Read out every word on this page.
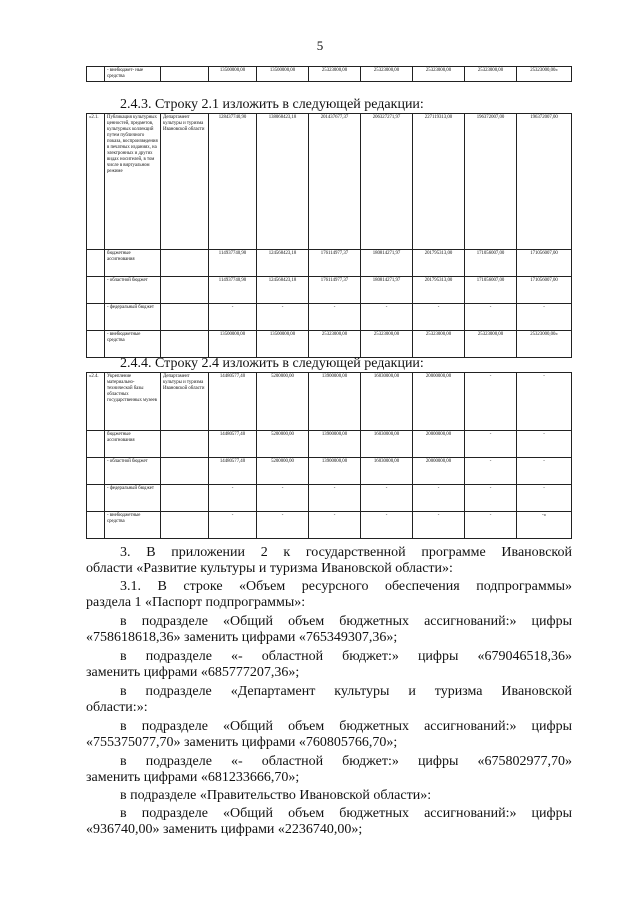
5
	- внебюджет- ные средства		13500000,00	13500000,00	25323000,00	25323000,00	25323000,00	25323000,00	25323000,00»
2.4.3. Строку 2.1 изложить в следующей редакции:
«2.1.	Публикация культурных ценностей, предметов, культурных коллекций путем публичного показа, воспроизведения в печатных изданиях, на электронных и других видах носителей, в том числе в виртуальном режиме	Департамент культуры и туризма Ивановской области	128437740,90	138068423,18	201437677,37	206327271,97	227119313,00	196372007,00	196372007,00
	бюджетные ассигнования		114937740,90	124568423,18	176114977,37	180814271,97	201795313,00	171056007,00	171056007,00
	- областной бюджет		114937740,90	124568423,18	176114977,37	180814271,97	201795313,00	171056007,00	171056007,00
	- федеральный бюджет		-	-	-	-	-	-	-
	- внебюджетные средства		13500000,00	13500000,00	25323000,00	25323000,00	25323000,00	25323000,00	25323000,00»
2.4.4. Строку 2.4 изложить в следующей редакции:
«2.4.	Укрепление материально-технической базы областных государственных музеев	Департамент культуры и туризма Ивановской области	14480577,40	5200000,00	13900000,00	16030000,00	20000000,00	-	-
	бюджетные ассигнования		14480577,40	5200000,00	13900000,00	16030000,00	20000000,00	-	-
	- областной бюджет		14480577,40	5200000,00	13900000,00	16030000,00	20000000,00	-	-
	- федеральный бюджет		-	-	-	-	-	-	-
	- внебюджетные средства		-	-	-	-	-	-	-»
3. В приложении 2 к государственной программе Ивановской
области «Развитие культуры и туризма Ивановской области»:
3.1. В строке «Объем ресурсного обеспечения подпрограммы»
раздела 1 «Паспорт подпрограммы»:
в подразделе «Общий объем бюджетных ассигнований:» цифры
«758618618,36» заменить цифрами «765349307,36»;
в подразделе «- областной бюджет:» цифры «679046518,36»
заменить цифрами «685777207,36»;
в подразделе «Департамент культуры и туризма Ивановской
области:»:
в подразделе «Общий объем бюджетных ассигнований:» цифры
«755375077,70» заменить цифрами «760805766,70»;
в подразделе «- областной бюджет:» цифры «675802977,70»
заменить цифрами «681233666,70»;
в подразделе «Правительство Ивановской области»:
в подразделе «Общий объем бюджетных ассигнований:» цифры
«936740,00» заменить цифрами «2236740,00»;
